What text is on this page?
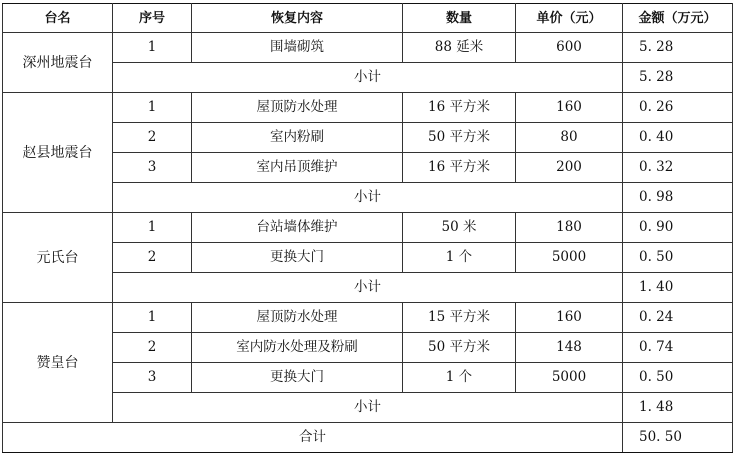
台名	序号	恢复内容	数量	单价（元）	金额（万元）
深州地震台	1	围墙砌筑	88 延米	600	5. 28
	小计				5. 28
赵县地震台	1	屋顶防水处理	16 平方米	160	0. 26
	2	室内粉刷	50 平方米	80	0. 40
	3	室内吊顶维护	16 平方米	200	0. 32
	小计				0. 98
元氏台	1	台站墙体维护	50 米	180	0. 90
	2	更换大门	1 个	5000	0. 50
	小计				1. 40
赞皇台	1	屋顶防水处理	15 平方米	160	0. 24
	2	室内防水处理及粉刷	50 平方米	148	0. 74
	3	更换大门	1 个	5000	0. 50
	小计				1. 48
合计					50. 50
